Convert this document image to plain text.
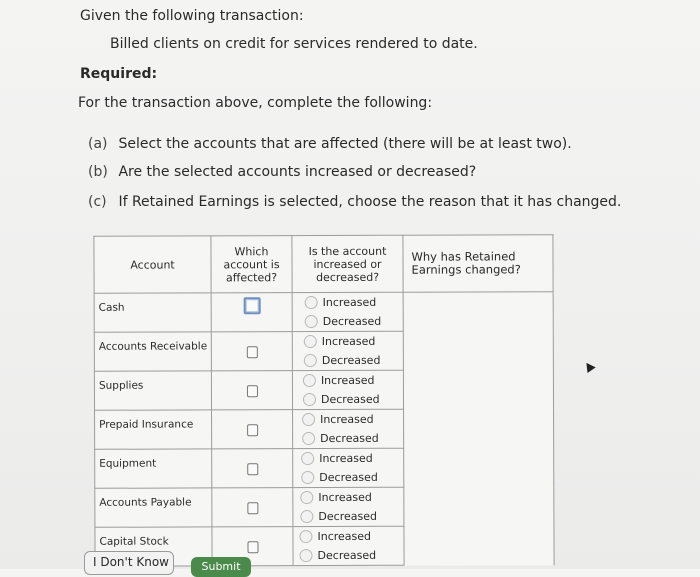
Given the following transaction:
Billed clients on credit for services rendered to date.
Required:
For the transaction above, complete the following:
(a) Select the accounts that are affected (there will be at least two).
(b) Are the selected accounts increased or decreased?
(c) If Retained Earnings is selected, choose the reason that it has changed.
Account	Which account is affected?	Is the account increased or decreased?	Why has Retained Earnings changed?
Cash		Increased
Decreased	

Accounts Receivable		Increased
Decreased	

Supplies		Increased
Decreased	

Prepaid Insurance		Increased
Decreased	

Equipment		Increased
Decreased	

Accounts Payable		Increased
Decreased	

Capital Stock		Increased
Decreased	
I Don't Know	Submit
